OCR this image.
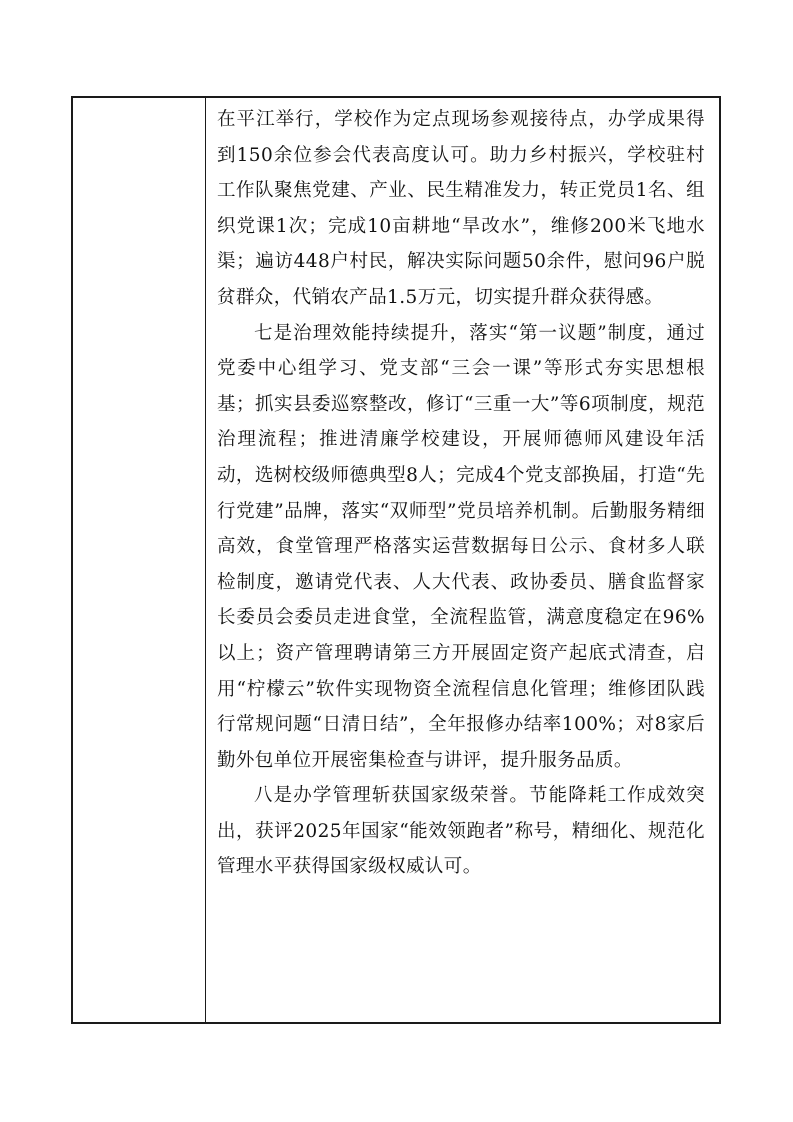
在平江举行，学校作为定点现场参观接待点，办学成果得到150余位参会代表高度认可。助力乡村振兴，学校驻村工作队聚焦党建、产业、民生精准发力，转正党员1名、组织党课1次；完成10亩耕地“旱改水”，维修200米飞地水渠；遍访448户村民，解决实际问题50余件，慰问96户脱贫群众，代销农产品1.5万元，切实提升群众获得感。

七是治理效能持续提升，落实“第一议题”制度，通过党委中心组学习、党支部“三会一课”等形式夯实思想根基；抓实县委巡察整改，修订“三重一大”等6项制度，规范治理流程；推进清廉学校建设，开展师德师风建设年活动，选树校级师德典型8人；完成4个党支部换届，打造“先行党建”品牌，落实“双师型”党员培养机制。后勤服务精细高效，食堂管理严格落实运营数据每日公示、食材多人联检制度，邀请党代表、人大代表、政协委员、膳食监督家长委员会委员走进食堂，全流程监管，满意度稳定在96%以上；资产管理聘请第三方开展固定资产起底式清查，启用“柠檬云”软件实现物资全流程信息化管理；维修团队践行常规问题“日清日结”，全年报修办结率100%；对8家后勤外包单位开展密集检查与讲评，提升服务品质。

八是办学管理斩获国家级荣誉。节能降耗工作成效突出，获评2025年国家“能效领跑者”称号，精细化、规范化管理水平获得国家级权威认可。
